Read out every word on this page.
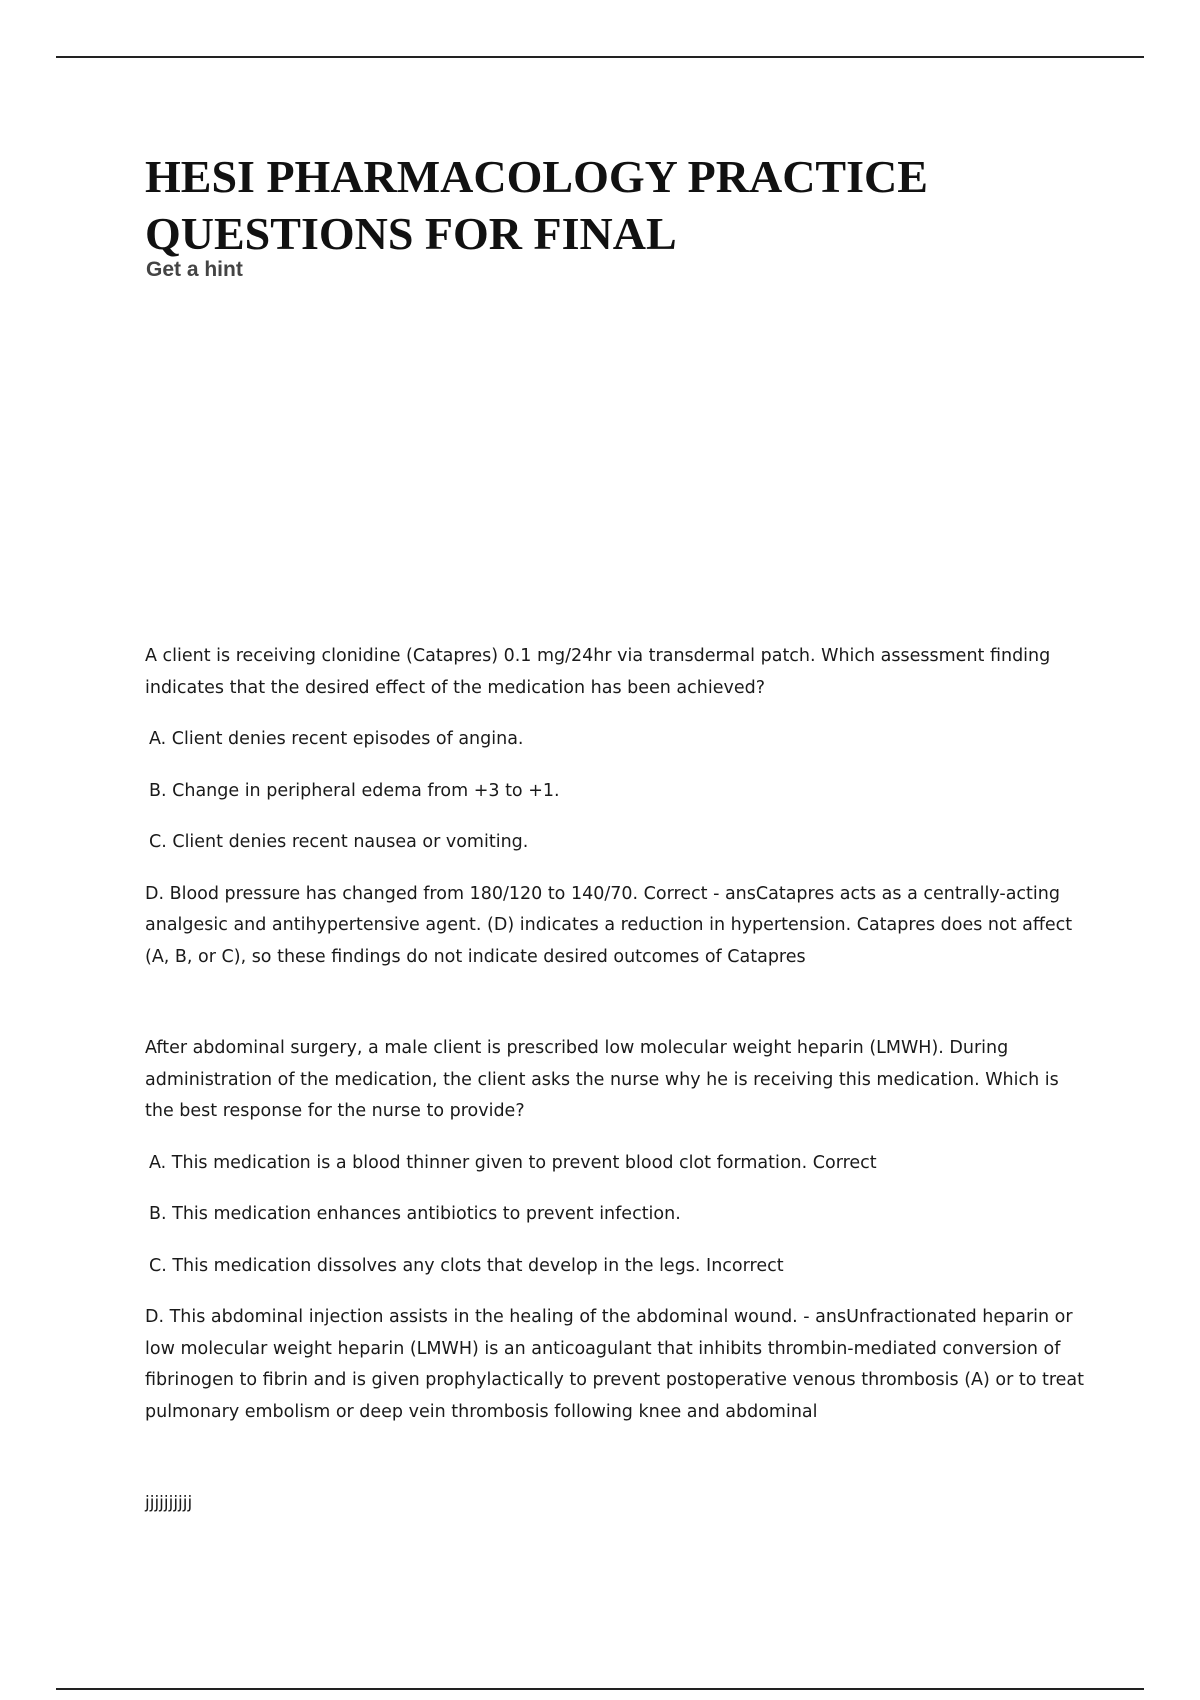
HESI PHARMACOLOGY PRACTICE QUESTIONS FOR FINAL
Get a hint

A client is receiving clonidine (Catapres) 0.1 mg/24hr via transdermal patch. Which assessment finding indicates that the desired effect of the medication has been achieved?

A. Client denies recent episodes of angina.

B. Change in peripheral edema from +3 to +1.

C. Client denies recent nausea or vomiting.

D. Blood pressure has changed from 180/120 to 140/70. Correct - ansCatapres acts as a centrally-acting analgesic and antihypertensive agent. (D) indicates a reduction in hypertension. Catapres does not affect (A, B, or C), so these findings do not indicate desired outcomes of Catapres

After abdominal surgery, a male client is prescribed low molecular weight heparin (LMWH). During administration of the medication, the client asks the nurse why he is receiving this medication. Which is the best response for the nurse to provide?

A. This medication is a blood thinner given to prevent blood clot formation. Correct

B. This medication enhances antibiotics to prevent infection.

C. This medication dissolves any clots that develop in the legs. Incorrect

D. This abdominal injection assists in the healing of the abdominal wound. - ansUnfractionated heparin or low molecular weight heparin (LMWH) is an anticoagulant that inhibits thrombin-mediated conversion of fibrinogen to fibrin and is given prophylactically to prevent postoperative venous thrombosis (A) or to treat pulmonary embolism or deep vein thrombosis following knee and abdominal

jjjjjjjjjj
